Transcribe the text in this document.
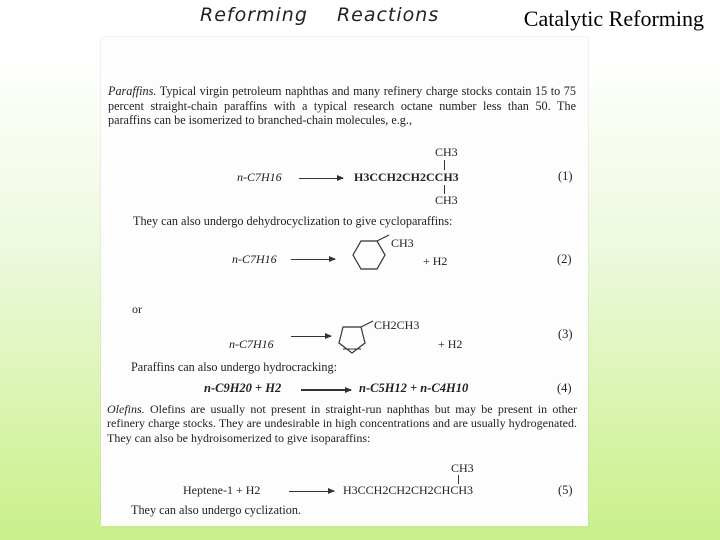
Reforming Reactions	Catalytic Reforming

Paraffins. Typical virgin petroleum naphthas and many refinery charge stocks contain 15 to 75 percent straight-chain paraffins with a typical research octane number less than 50. The paraffins can be isomerized to branched-chain molecules, e.g.,

n-C7H16	H3CCH2CH2CCH3
CH3
CH3
(1)

They can also undergo dehydrocyclization to give cycloparaffins:

n-C7H16
CH3
+ H2	(2)
or
n-C7H16
CH2CH3
+ H2
(3)

Paraffins can also undergo hydrocracking:

n-C9H20 + H2	n-C5H12 + n-C4H10	(4)

Olefins. Olefins are usually not present in straight-run naphthas but may be present in other refinery charge stocks. They are undesirable in high concentrations and are usually hydrogenated. They can also be hydroisomerized to give isoparaffins:

Heptene-1 + H2	H3CCH2CH2CH2CHCH3
CH3
(5)

They can also undergo cyclization.
